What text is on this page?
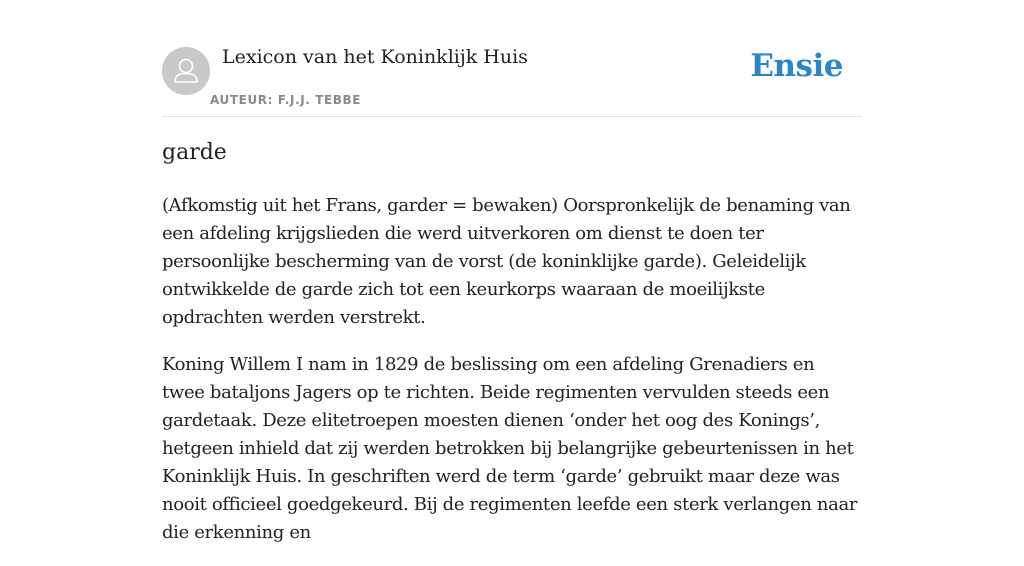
Lexicon van het Koninklijk Huis
AUTEUR: F.J.J. TEBBE
Ensie
garde

(Afkomstig uit het Frans, garder = bewaken) Oorspronkelijk de benaming van een afdeling krijgslieden die werd uitverkoren om dienst te doen ter persoonlijke bescherming van de vorst (de koninklijke garde). Geleidelijk ontwikkelde de garde zich tot een keurkorps waaraan de moeilijkste opdrachten werden verstrekt.

Koning Willem I nam in 1829 de beslissing om een afdeling Grenadiers en twee bataljons Jagers op te richten. Beide regimenten vervulden steeds een gardetaak. Deze elitetroepen moesten dienen ‘onder het oog des Konings’, hetgeen inhield dat zij werden betrokken bij belangrijke gebeurtenissen in het Koninklijk Huis. In geschriften werd de term ‘garde’ gebruikt maar deze was nooit officieel goedgekeurd. Bij de regimenten leefde een sterk verlangen naar die erkenning en
